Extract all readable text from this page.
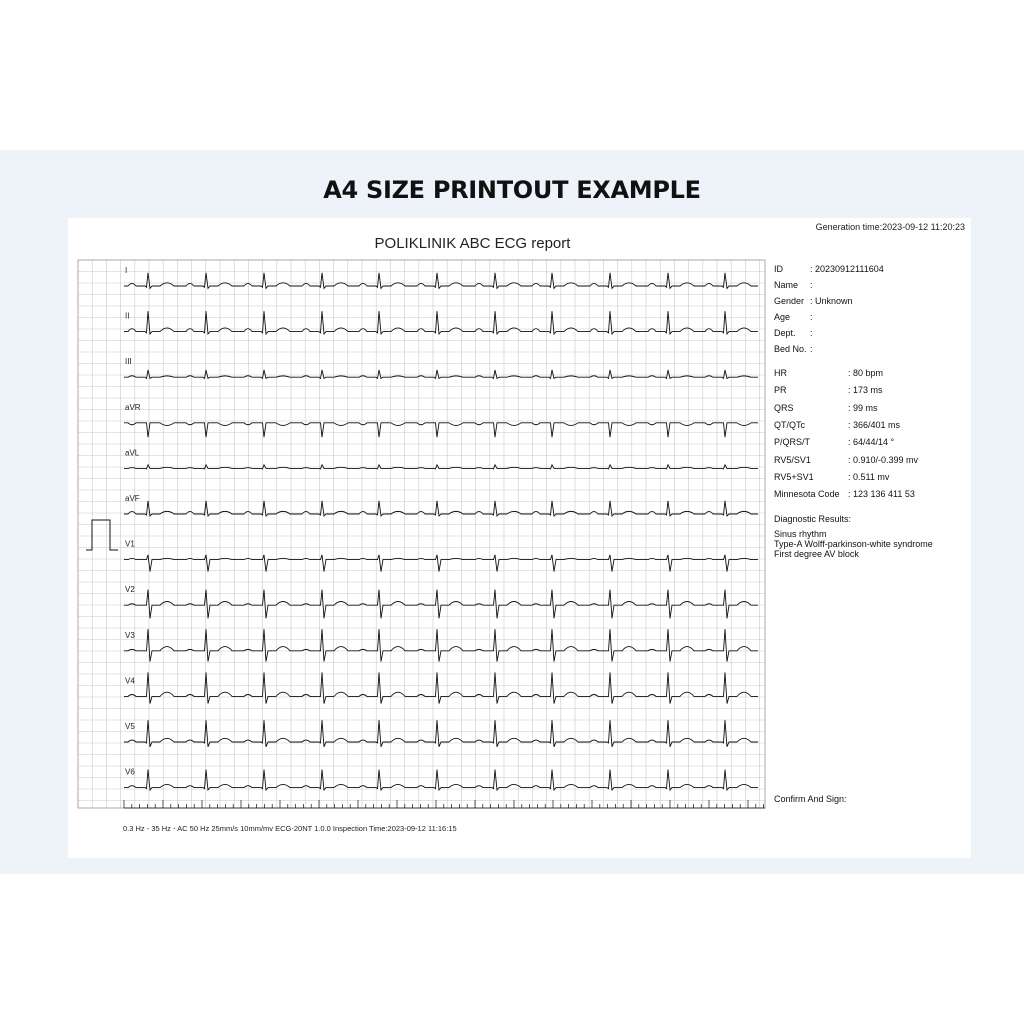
A4 SIZE PRINTOUT EXAMPLE
Generation time:2023-09-12 11:20:23
POLIKLINIK ABC ECG report
I
II
III
aVR
aVL
aVF
V1
V2
V3
V4
V5
V6
Diagnostic Results:
Sinus rhythm
Type-A Wolff-parkinson-white syndrome
First degree AV block
Confirm And Sign:
0.3 Hz - 35 Hz - AC 50 Hz 25mm/s 10mm/mv ECG-20NT 1.0.0 Inspection Time:2023-09-12 11:16:15
ID	: 20230912111604
Name :
Gender : Unknown
Age :
Dept. :
Bed No. :
HR	: 80 bpm
PR	: 173 ms
QRS	: 99 ms
QT/QTc	: 366/401 ms
P/QRS/T	: 64/44/14 °
RV5/SV1	: 0.910/-0.399 mv
RV5+SV1	: 0.511 mv
Minnesota Code : 123 136 411 53
